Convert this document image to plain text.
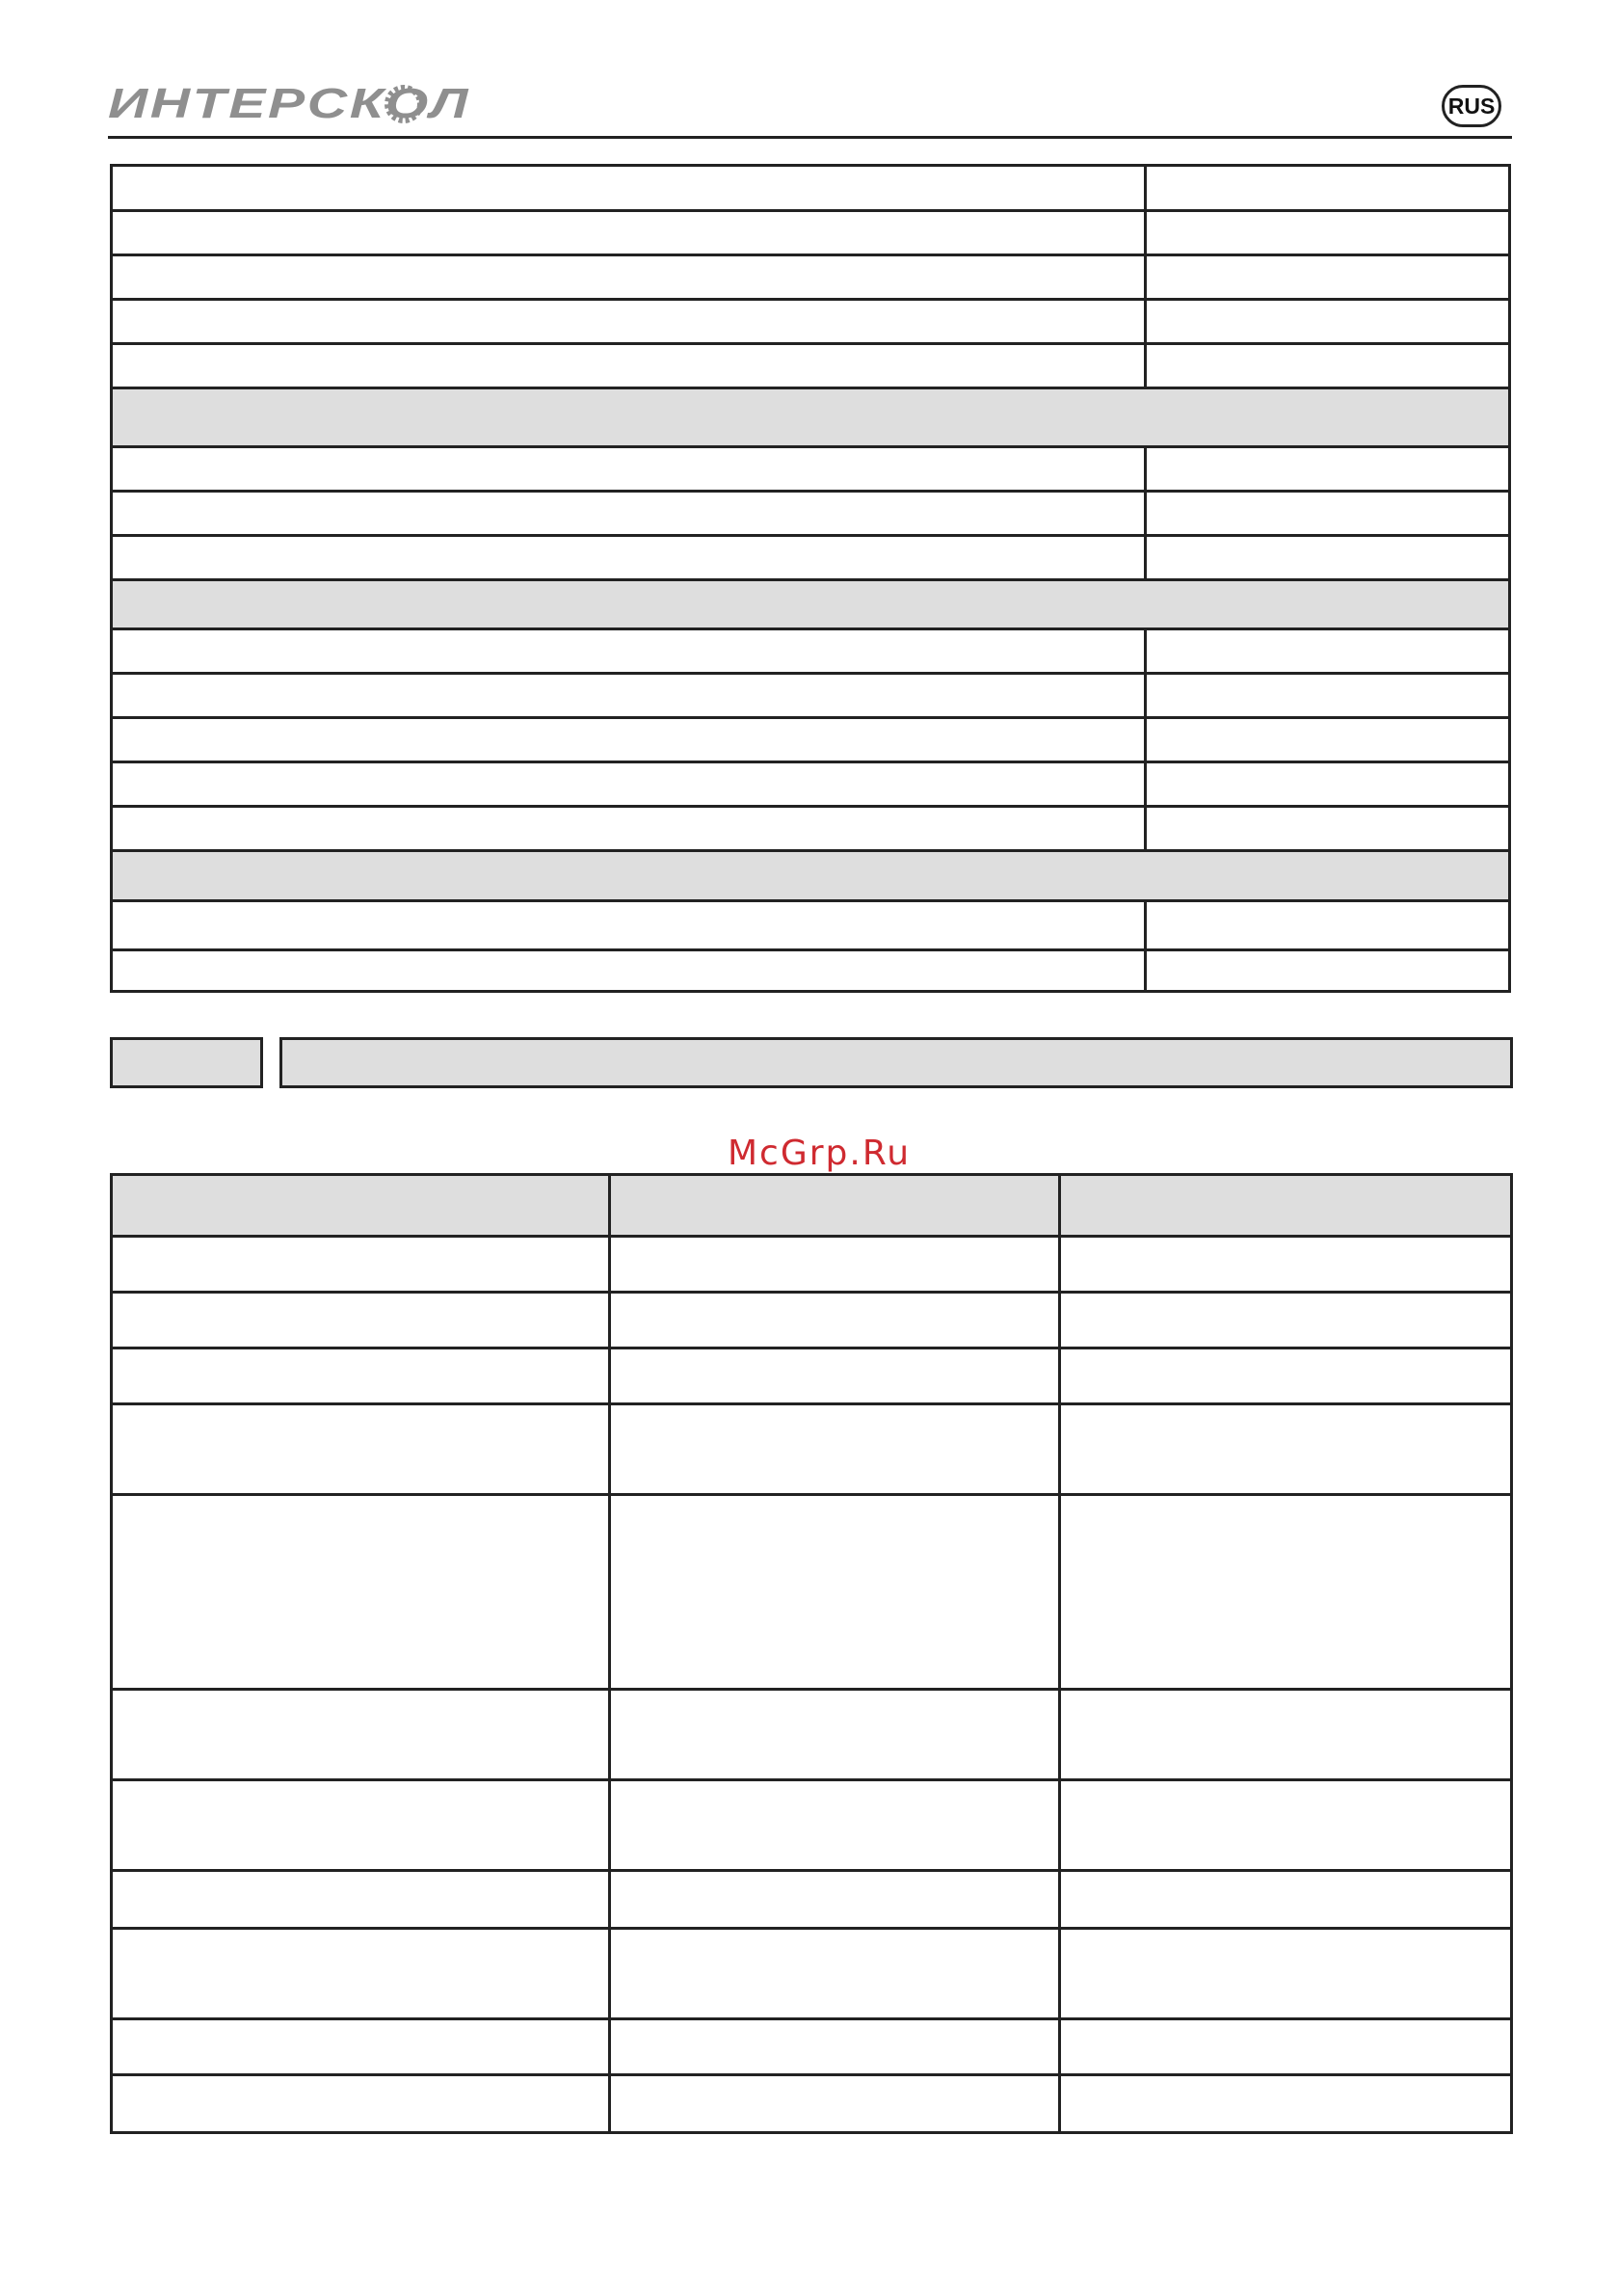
ИНТЕРСКОЛ	RUS
McGrp.Ru
